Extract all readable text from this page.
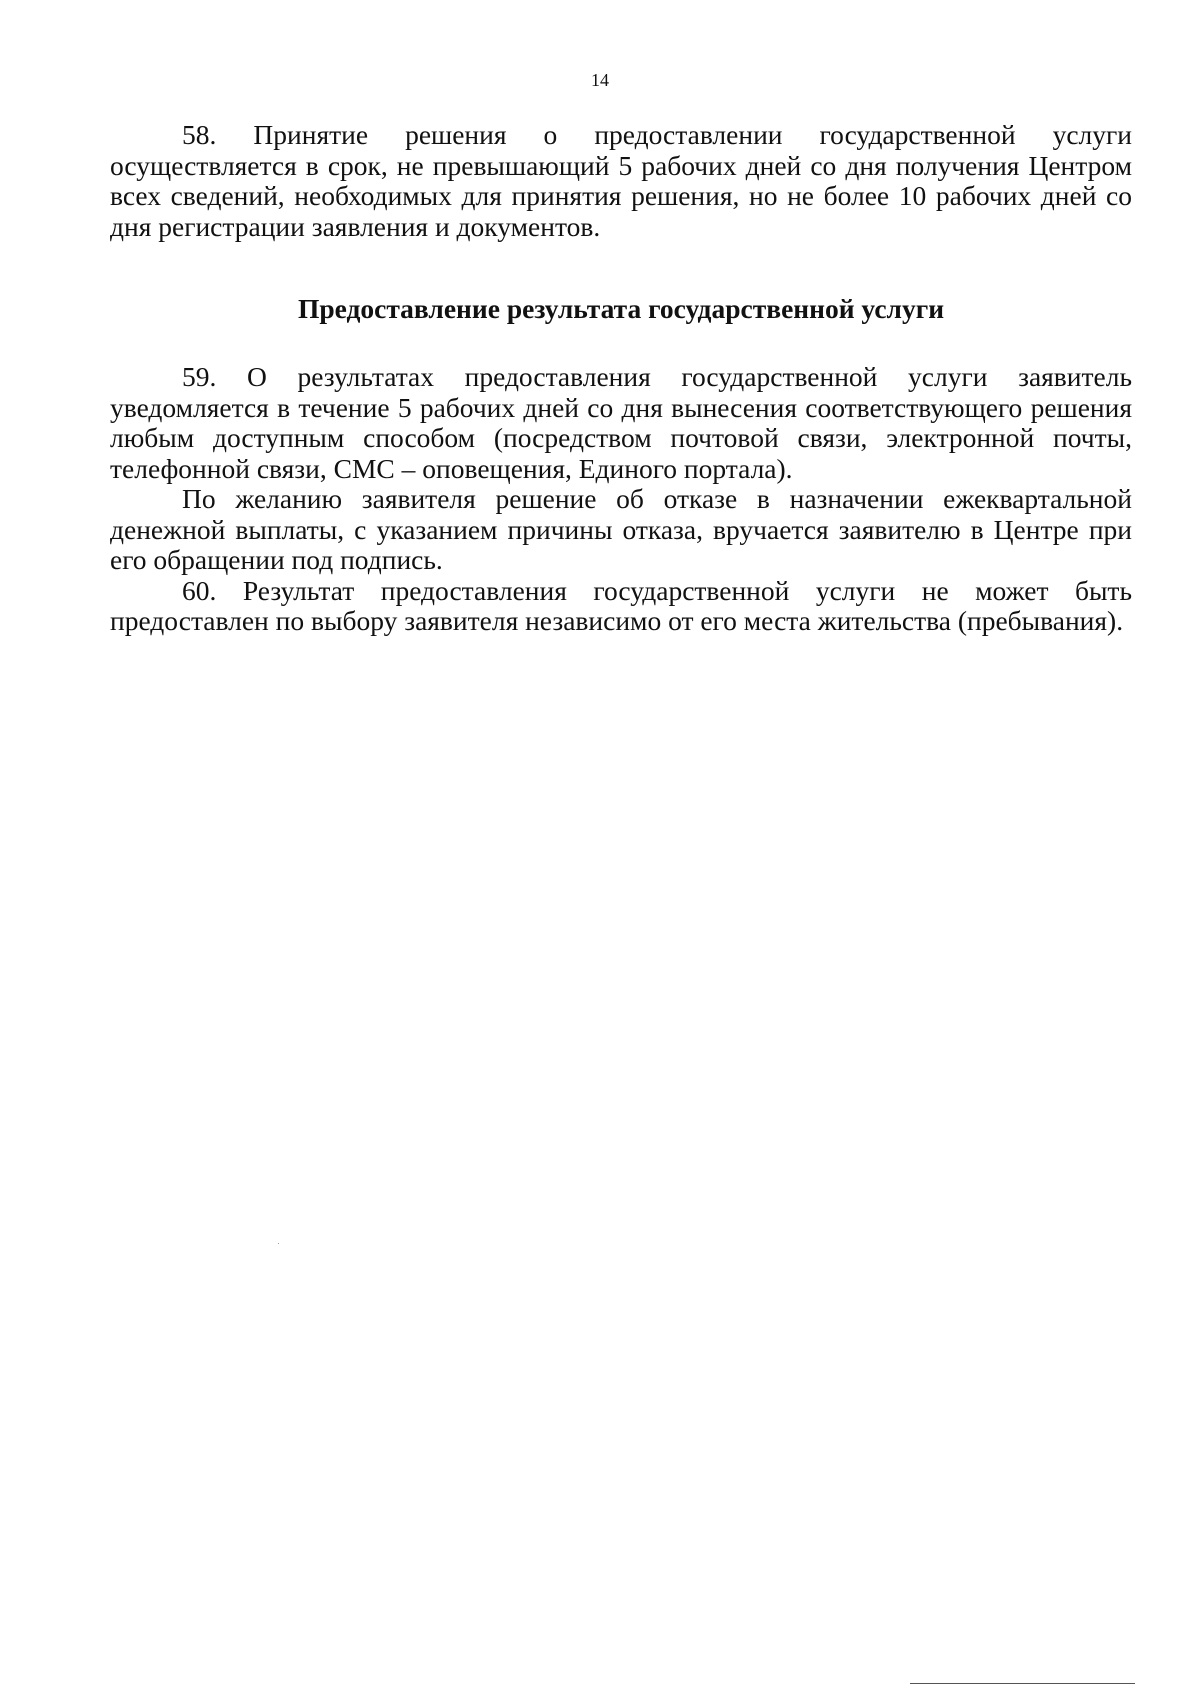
14

58. Принятие решения о предоставлении государственной услуги осуществляется в срок, не превышающий 5 рабочих дней со дня получения Центром всех сведений, необходимых для принятия решения, но не более 10 рабочих дней со дня регистрации заявления и документов.

Предоставление результата государственной услуги

59. О результатах предоставления государственной услуги заявитель уведомляется в течение 5 рабочих дней со дня вынесения соответствующего решения любым доступным способом (посредством почтовой связи, электронной почты, телефонной связи, СМС – оповещения, Единого портала).

По желанию заявителя решение об отказе в назначении ежеквартальной денежной выплаты, с указанием причины отказа, вручается заявителю в Центре при его обращении под подпись.

60. Результат предоставления государственной услуги не может быть предоставлен по выбору заявителя независимо от его места жительства (пребывания).
